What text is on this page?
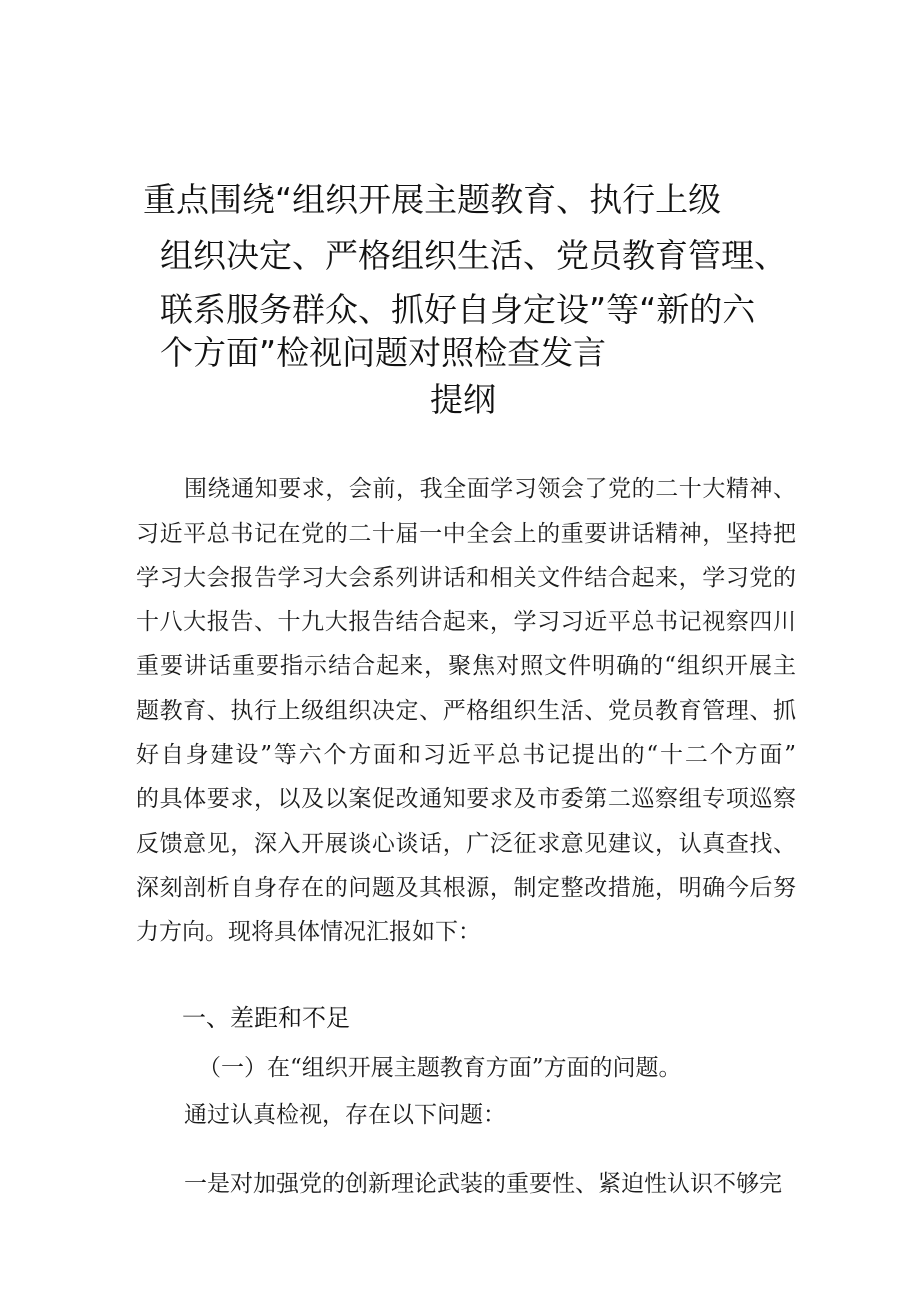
重点围绕“组织开展主题教育、执行上级
组织决定、严格组织生活、党员教育管理、
联系服务群众、抓好自身定设”等“新的六
个方面”检视问题对照检查发言
提纲
围绕通知要求，会前，我全面学习领会了党的二十大精神、
习近平总书记在党的二十届一中全会上的重要讲话精神，坚持把
学习大会报告学习大会系列讲话和相关文件结合起来，学习党的
十八大报告、十九大报告结合起来，学习习近平总书记视察四川
重要讲话重要指示结合起来，聚焦对照文件明确的“组织开展主
题教育、执行上级组织决定、严格组织生活、党员教育管理、抓
好自身建设”等六个方面和习近平总书记提出的“十二个方面”
的具体要求，以及以案促改通知要求及市委第二巡察组专项巡察
反馈意见，深入开展谈心谈话，广泛征求意见建议，认真查找、
深刻剖析自身存在的问题及其根源，制定整改措施，明确今后努
力方向。现将具体情况汇报如下：
一、差距和不足
（一）在“组织开展主题教育方面”方面的问题。
通过认真检视，存在以下问题：
一是对加强党的创新理论武装的重要性、紧迫性认识不够完
